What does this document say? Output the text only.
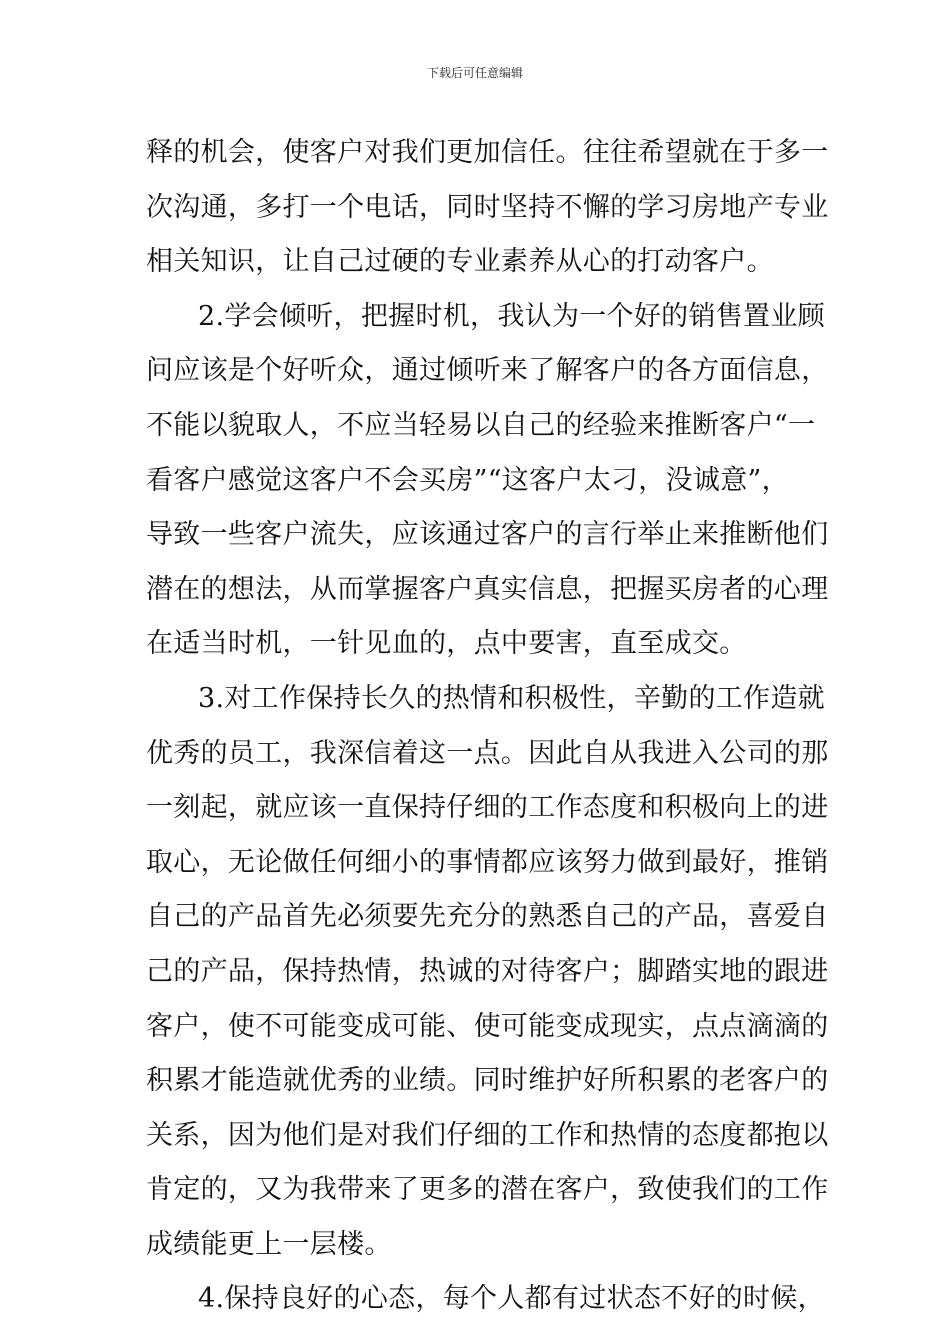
下载后可任意编辑
释的机会，使客户对我们更加信任。往往希望就在于多一
次沟通，多打一个电话，同时坚持不懈的学习房地产专业
相关知识，让自己过硬的专业素养从心的打动客户。
2.学会倾听，把握时机，我认为一个好的销售置业顾
问应该是个好听众，通过倾听来了解客户的各方面信息，
不能以貌取人，不应当轻易以自己的经验来推断客户“一
看客户感觉这客户不会买房”“这客户太刁，没诚意”，
导致一些客户流失，应该通过客户的言行举止来推断他们
潜在的想法，从而掌握客户真实信息，把握买房者的心理
在适当时机，一针见血的，点中要害，直至成交。
3.对工作保持长久的热情和积极性，辛勤的工作造就
优秀的员工，我深信着这一点。因此自从我进入公司的那
一刻起，就应该一直保持仔细的工作态度和积极向上的进
取心，无论做任何细小的事情都应该努力做到最好，推销
自己的产品首先必须要先充分的熟悉自己的产品，喜爱自
己的产品，保持热情，热诚的对待客户；脚踏实地的跟进
客户，使不可能变成可能、使可能变成现实，点点滴滴的
积累才能造就优秀的业绩。同时维护好所积累的老客户的
关系，因为他们是对我们仔细的工作和热情的态度都抱以
肯定的，又为我带来了更多的潜在客户，致使我们的工作
成绩能更上一层楼。
4.保持良好的心态，每个人都有过状态不好的时候，
